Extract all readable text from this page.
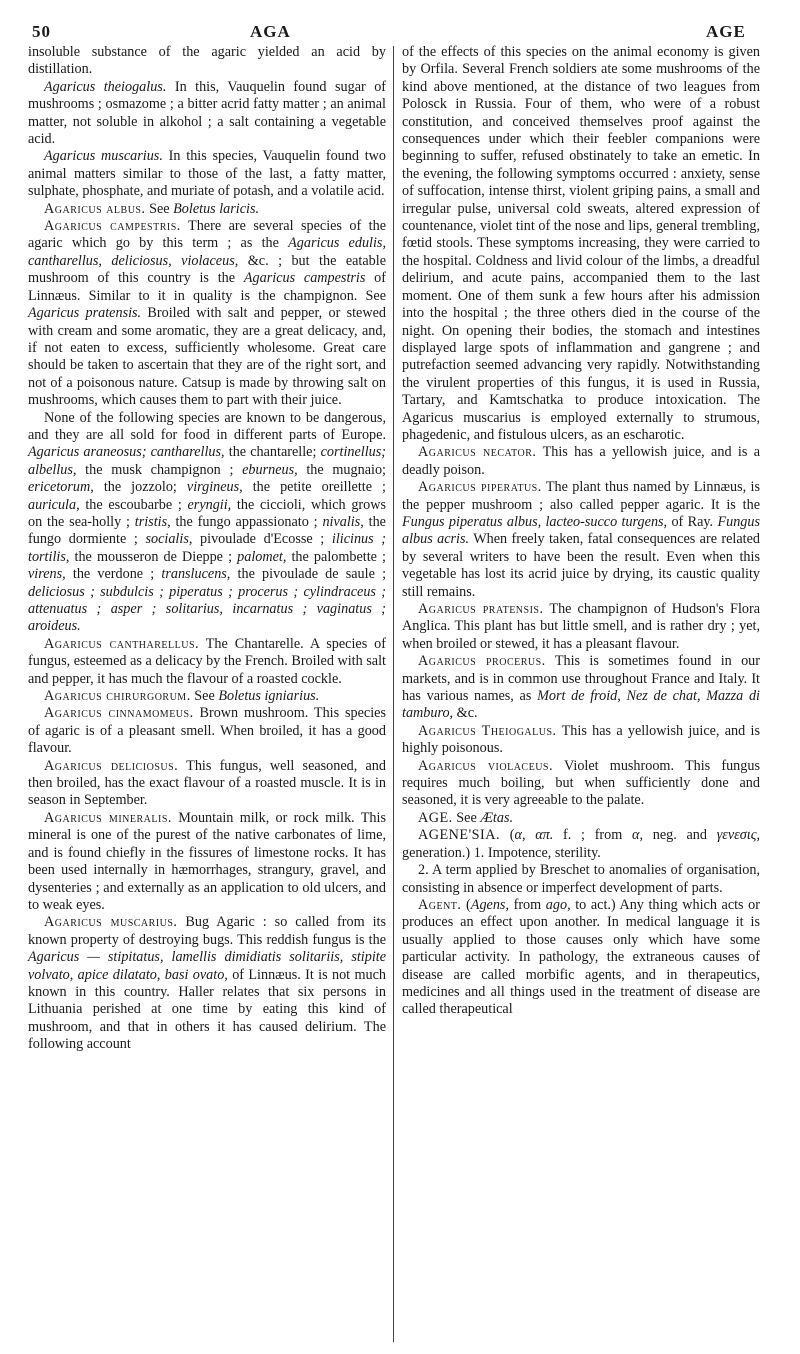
50	AGA	AGE

insoluble substance of the agaric yielded an acid by distillation.

Agaricus theiogalus. In this, Vauquelin found sugar of mushrooms ; osmazome ; a bitter acrid fatty matter ; an animal matter, not soluble in alkohol ; a salt containing a vegetable acid.

Agaricus muscarius. In this species, Vauquelin found two animal matters similar to those of the last, a fatty matter, sulphate, phosphate, and muriate of potash, and a volatile acid.

Agaricus albus. See Boletus laricis.

Agaricus campestris. There are several species of the agaric which go by this term ; as the Agaricus edulis, cantharellus, deliciosus, violaceus, &c. ; but the eatable mushroom of this country is the Agaricus campestris of Linnæus. Similar to it in quality is the champignon. See Agaricus pratensis. Broiled with salt and pepper, or stewed with cream and some aromatic, they are a great delicacy, and, if not eaten to excess, sufficiently wholesome. Great care should be taken to ascertain that they are of the right sort, and not of a poisonous nature. Catsup is made by throwing salt on mushrooms, which causes them to part with their juice.

None of the following species are known to be dangerous, and they are all sold for food in different parts of Europe. Agaricus araneosus; cantharellus, the chantarelle; cortinellus; albellus, the musk champignon ; eburneus, the mugnaio; ericetorum, the jozzolo; virgineus, the petite oreillette ; auricula, the escoubarbe ; eryngii, the ciccioli, which grows on the sea-holly ; tristis, the fungo appassionato ; nivalis, the fungo dormiente ; socialis, pivoulade d'Ecosse ; ilicinus ; tortilis, the mousseron de Dieppe ; palomet, the palombette ; virens, the verdone ; translucens, the pivoulade de saule ; deliciosus ; subdulcis ; piperatus ; procerus ; cylindraceus ; attenuatus ; asper ; solitarius, incarnatus ; vaginatus ; aroideus.

Agaricus cantharellus. The Chantarelle. A species of fungus, esteemed as a delicacy by the French. Broiled with salt and pepper, it has much the flavour of a roasted cockle.

Agaricus chirurgorum. See Boletus igniarius.

Agaricus cinnamomeus. Brown mushroom. This species of agaric is of a pleasant smell. When broiled, it has a good flavour.

Agaricus deliciosus. This fungus, well seasoned, and then broiled, has the exact flavour of a roasted muscle. It is in season in September.

Agaricus mineralis. Mountain milk, or rock milk. This mineral is one of the purest of the native carbonates of lime, and is found chiefly in the fissures of limestone rocks. It has been used internally in hæmorrhages, strangury, gravel, and dysenteries ; and externally as an application to old ulcers, and to weak eyes.

Agaricus muscarius. Bug Agaric : so called from its known property of destroying bugs. This reddish fungus is the Agaricus — stipitatus, lamellis dimidiatis solitariis, stipite volvato, apice dilatato, basi ovato, of Linnæus. It is not much known in this country. Haller relates that six persons in Lithuania perished at one time by eating this kind of mushroom, and that in others it has caused delirium. The following account

of the effects of this species on the animal economy is given by Orfila. Several French soldiers ate some mushrooms of the kind above mentioned, at the distance of two leagues from Polosck in Russia. Four of them, who were of a robust constitution, and conceived themselves proof against the consequences under which their feebler companions were beginning to suffer, refused obstinately to take an emetic. In the evening, the following symptoms occurred : anxiety, sense of suffocation, intense thirst, violent griping pains, a small and irregular pulse, universal cold sweats, altered expression of countenance, violet tint of the nose and lips, general trembling, fœtid stools. These symptoms increasing, they were carried to the hospital. Coldness and livid colour of the limbs, a dreadful delirium, and acute pains, accompanied them to the last moment. One of them sunk a few hours after his admission into the hospital ; the three others died in the course of the night. On opening their bodies, the stomach and intestines displayed large spots of inflammation and gangrene ; and putrefaction seemed advancing very rapidly. Notwithstanding the virulent properties of this fungus, it is used in Russia, Tartary, and Kamtschatka to produce intoxication. The Agaricus muscarius is employed externally to strumous, phagedenic, and fistulous ulcers, as an escharotic.

Agaricus necator. This has a yellowish juice, and is a deadly poison.

Agaricus piperatus. The plant thus named by Linnæus, is the pepper mushroom ; also called pepper agaric. It is the Fungus piperatus albus, lacteo-succo turgens, of Ray. Fungus albus acris. When freely taken, fatal consequences are related by several writers to have been the result. Even when this vegetable has lost its acrid juice by drying, its caustic quality still remains.

Agaricus pratensis. The champignon of Hudson's Flora Anglica. This plant has but little smell, and is rather dry ; yet, when broiled or stewed, it has a pleasant flavour.

Agaricus procerus. This is sometimes found in our markets, and is in common use throughout France and Italy. It has various names, as Mort de froid, Nez de chat, Mazza di tamburo, &c.

Agaricus Theiogalus. This has a yellowish juice, and is highly poisonous.

Agaricus violaceus. Violet mushroom. This fungus requires much boiling, but when sufficiently done and seasoned, it is very agreeable to the palate.

AGE. See Ætas.

AGENE'SIA. (α, απ. f. ; from α, neg. and γενεσις, generation.) 1. Impotence, sterility.

2. A term applied by Breschet to anomalies of organisation, consisting in absence or imperfect development of parts.

Agent. (Agens, from ago, to act.) Any thing which acts or produces an effect upon another. In medical language it is usually applied to those causes only which have some particular activity. In pathology, the extraneous causes of disease are called morbific agents, and in therapeutics, medicines and all things used in the treatment of disease are called therapeutical
